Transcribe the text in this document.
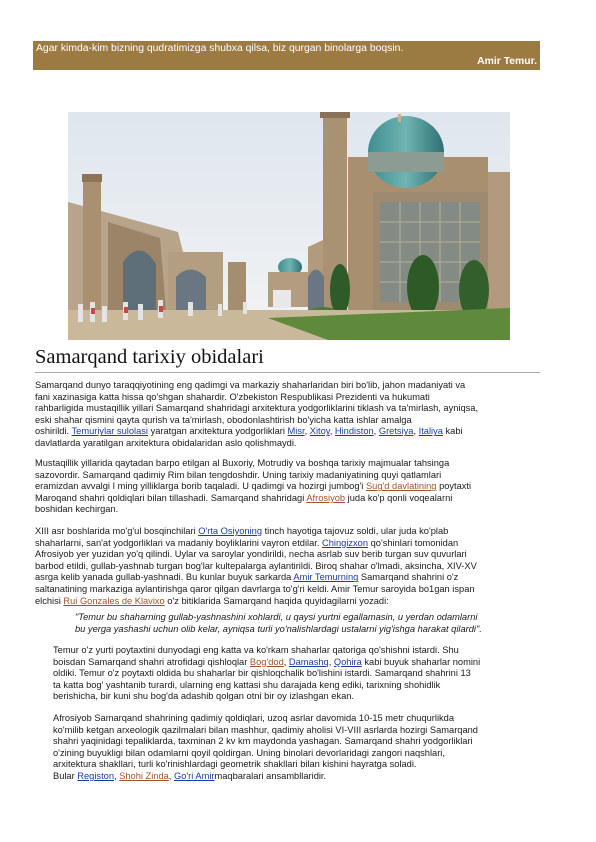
Agar kimda-kim bizning qudratimizga shubxa qilsa, biz qurgan binolarga boqsin.
Amir Temur.
Samarqand tarixiy obidalari
Samarqand dunyo taraqqiyotining eng qadimgi va markaziy shaharlaridan biri bo'lib, jahon madaniyati va
fani xazinasiga katta hissa qo'shgan shahardir. O'zbekiston Respublikasi Prezidenti va hukumati
rahbarligida mustaqillik yillari Samarqand shahridagi arxitektura yodgorliklarini tiklash va ta'mirlash, ayniqsa,
eski shahar qismini qayta qurish va ta'mirlash, obodonlashtirish bo'yicha katta ishlar amalga
oshirildi. Temuriylar sulolasi yaratgan arxitektura yodgorliklari Misr, Xitoy, Hindiston, Gretsiya, Italiya kabi
davlatlarda yaratilgan arxitektura obidalaridan aslo qolishmaydi.
Mustaqillik yillarida qaytadan barpo etilgan al Buxoriy, Motrudiy va boshqa tarixiy majmualar tahsinga
sazovordir. Samarqand qadimiy Rim bilan tengdoshdir. Uning tarixiy madaniyatining quyi qatlamlari
eramizdan avvalgi I ming yilliklarga borib taqaladi. U qadimgi va hozirgi jumbog'i Sug'd davlatining poytaxti
Maroqand shahri qoldiqlari bilan tillashadi. Samarqand shahridagi Afrosiyob juda ko'p qonli voqealarni
boshidan kechirgan.
XIII asr boshlarida mo'g'ul bosqinchilari O'rta Osiyoning tinch hayotiga tajovuz soldi, ular juda ko'plab
shaharlarni, san'at yodgorliklari va madaniy boyliklarini vayron etdilar. Chingizxon qo'shinlari tomonidan
Afrosiyob yer yuzidan yo'q qilindi. Uylar va saroylar yondirildi, necha asrlab suv berib turgan suv quvurlari
barbod etildi, gullab-yashnab turgan bog'lar kultepalarga aylantirildi. Biroq shahar o'lmadi, aksincha, XIV-XV
asrga kelib yanada gullab-yashnadi. Bu kunlar buyuk sarkarda Amir Temurning Samarqand shahrini o'z
saltanatining markaziga aylantirishga qaror qilgan davrlarga to'g'ri keldi. Amir Temur saroyida bo1gan ispan
elchisi Rui Gonzales de Klavixo o'z bitiklarida Samarqand haqida quyidagilarni yozadi:
"Temur bu shaharning gullab-yashnashini xohlardi, u qaysi yurtni egallamasin, u yerdan odamlarni
bu yerga yashashi uchun olib kelar, ayniqsa turli yo'nalishlardagi ustalarni yig'ishga harakat qilardi".
Temur o'z yurti poytaxtini dunyodagi eng katta va ko'rkam shaharlar qatoriga qo'shishni istardi. Shu
boisdan Samarqand shahri atrofidagi qishloqlar Bog'dod, Damashq, Qohira kabi buyuk shaharlar nomini
oldiki. Temur o'z poytaxti oldida bu shaharlar bir qishloqchalik bo'lishini istardi. Samarqand shahrini 13
ta katta bog' yashtanib turardi, ularning eng kattasi shu darajada keng ediki, tarixning shohidlik
berishicha, bir kuni shu bog'da adashib qolgan otni bir oy izlashgan ekan.
Afrosiyob Samarqand shahrining qadimiy qoldiqlari, uzoq asrlar davomida 10-15 metr chuqurlikda
ko'milib ketgan arxeologik qazilmalari bilan mashhur, qadimiy aholisi VI-VIII asrlarda hozirgi Samarqand
shahri yaqinidagi tepaliklarda, taxminan 2 kv km maydonda yashagan. Samarqand shahri yodgorliklari
o'zining buyukligi bilan odamlarni qoyil qoldirgan. Uning binolari devorlaridagi zangori naqshlari,
arxitektura shakllari, turli ko'rinishlardagi geometrik shakllari bilan kishini hayratga soladi.
Bular Registon, Shohi Zinda, Go'ri Amirmaqbaralari ansambllaridir.
